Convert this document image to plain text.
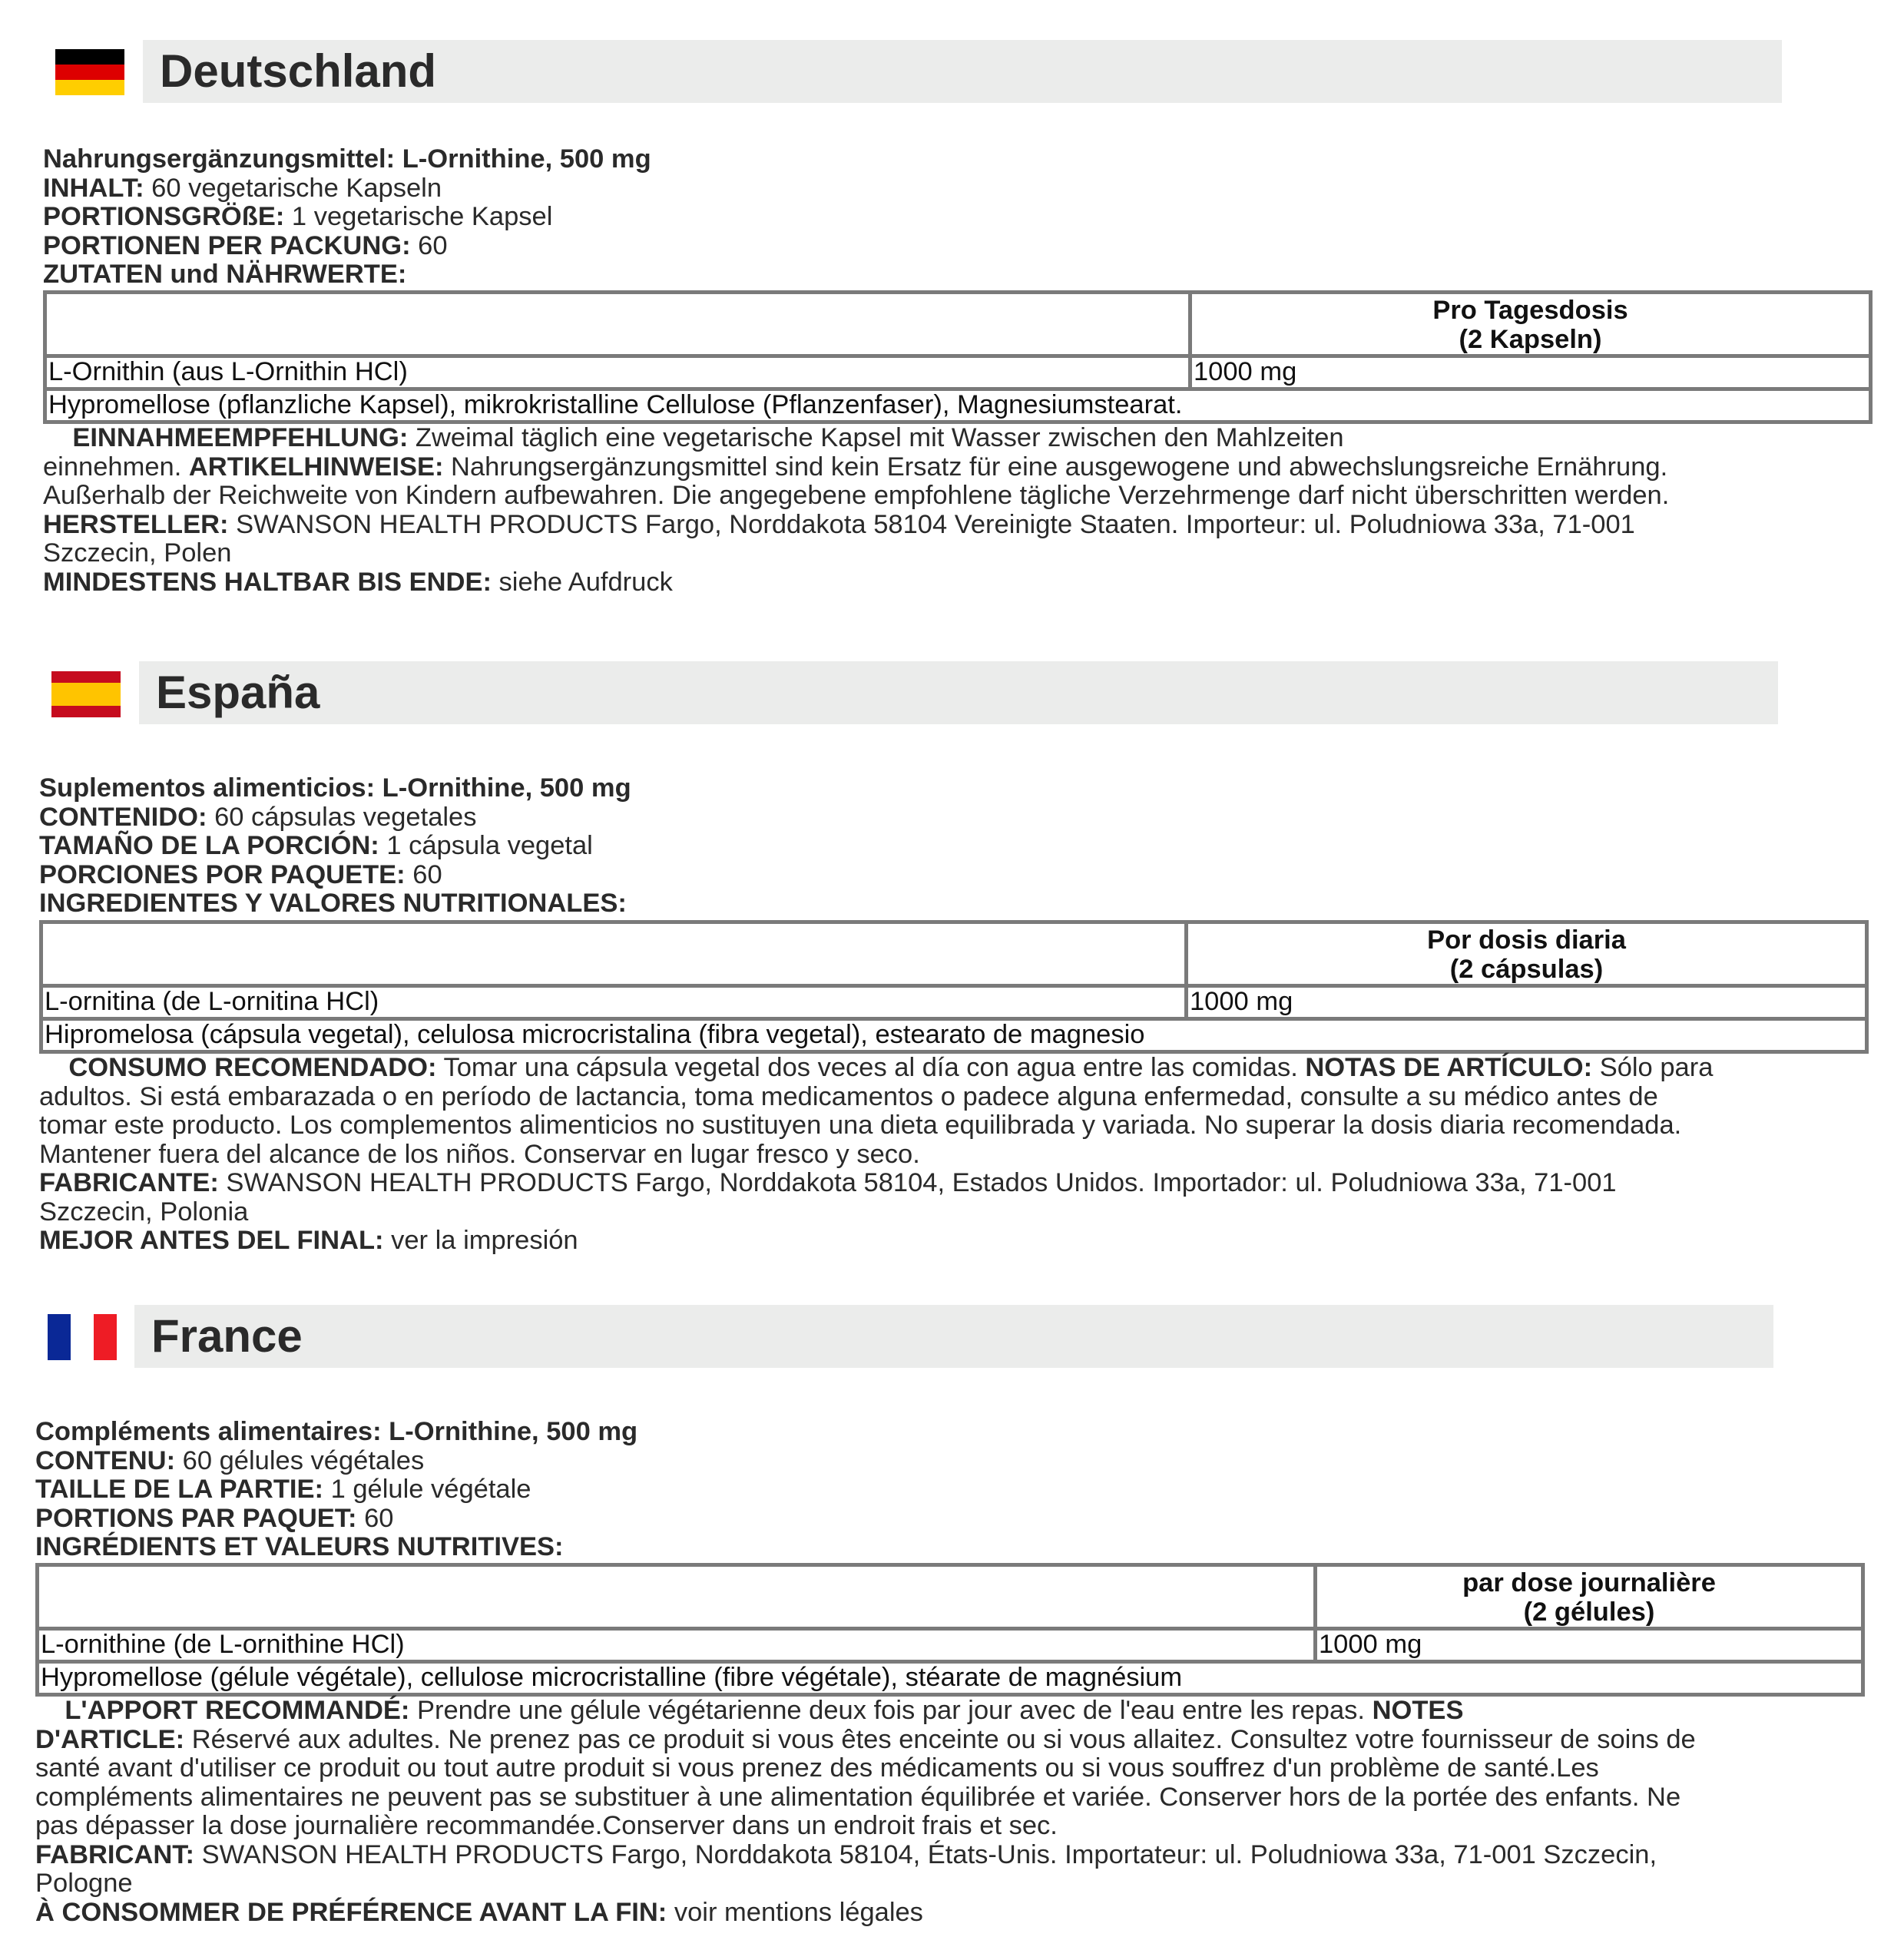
Deutschland
Nahrungsergänzungsmittel: L-Ornithine, 500 mg
INHALT: 60 vegetarische Kapseln
PORTIONSGRÖßE: 1 vegetarische Kapsel
PORTIONEN PER PACKUNG: 60
ZUTATEN und NÄHRWERTE:

	Pro Tagesdosis
(2 Kapseln)

L-Ornithin (aus L-Ornithin HCl)	1000 mg
Hypromellose (pflanzliche Kapsel), mikrokristalline Cellulose (Pflanzenfaser), Magnesiumstearat.	
EINNAHMEEMPFEHLUNG: Zweimal täglich eine vegetarische Kapsel mit Wasser zwischen den Mahlzeiten
einnehmen. ARTIKELHINWEISE: Nahrungsergänzungsmittel sind kein Ersatz für eine ausgewogene und abwechslungsreiche Ernährung.
Außerhalb der Reichweite von Kindern aufbewahren. Die angegebene empfohlene tägliche Verzehrmenge darf nicht überschritten werden.
HERSTELLER: SWANSON HEALTH PRODUCTS Fargo, Norddakota 58104 Vereinigte Staaten. Importeur: ul. Poludniowa 33a, 71-001
Szczecin, Polen
MINDESTENS HALTBAR BIS ENDE: siehe Aufdruck
España
Suplementos alimenticios: L-Ornithine, 500 mg
CONTENIDO: 60 cápsulas vegetales
TAMAÑO DE LA PORCIÓN: 1 cápsula vegetal
PORCIONES POR PAQUETE: 60
INGREDIENTES Y VALORES NUTRITIONALES:

	Por dosis diaria
(2 cápsulas)

L-ornitina (de L-ornitina HCl)	1000 mg
Hipromelosa (cápsula vegetal), celulosa microcristalina (fibra vegetal), estearato de magnesio	
CONSUMO RECOMENDADO: Tomar una cápsula vegetal dos veces al día con agua entre las comidas. NOTAS DE ARTÍCULO: Sólo para
adultos. Si está embarazada o en período de lactancia, toma medicamentos o padece alguna enfermedad, consulte a su médico antes de
tomar este producto. Los complementos alimenticios no sustituyen una dieta equilibrada y variada. No superar la dosis diaria recomendada.
Mantener fuera del alcance de los niños. Conservar en lugar fresco y seco.
FABRICANTE: SWANSON HEALTH PRODUCTS Fargo, Norddakota 58104, Estados Unidos. Importador: ul. Poludniowa 33a, 71-001
Szczecin, Polonia
MEJOR ANTES DEL FINAL: ver la impresión
France
Compléments alimentaires: L-Ornithine, 500 mg
CONTENU: 60 gélules végétales
TAILLE DE LA PARTIE: 1 gélule végétale
PORTIONS PAR PAQUET: 60
INGRÉDIENTS ET VALEURS NUTRITIVES:

	par dose journalière
(2 gélules)

L-ornithine (de L-ornithine HCl)	1000 mg
Hypromellose (gélule végétale), cellulose microcristalline (fibre végétale), stéarate de magnésium	
L'APPORT RECOMMANDÉ: Prendre une gélule végétarienne deux fois par jour avec de l'eau entre les repas. NOTES
D'ARTICLE: Réservé aux adultes. Ne prenez pas ce produit si vous êtes enceinte ou si vous allaitez. Consultez votre fournisseur de soins de
santé avant d'utiliser ce produit ou tout autre produit si vous prenez des médicaments ou si vous souffrez d'un problème de santé.Les
compléments alimentaires ne peuvent pas se substituer à une alimentation équilibrée et variée. Conserver hors de la portée des enfants. Ne
pas dépasser la dose journalière recommandée.Conserver dans un endroit frais et sec.
FABRICANT: SWANSON HEALTH PRODUCTS Fargo, Norddakota 58104, États-Unis. Importateur: ul. Poludniowa 33a, 71-001 Szczecin,
Pologne
À CONSOMMER DE PRÉFÉRENCE AVANT LA FIN: voir mentions légales
